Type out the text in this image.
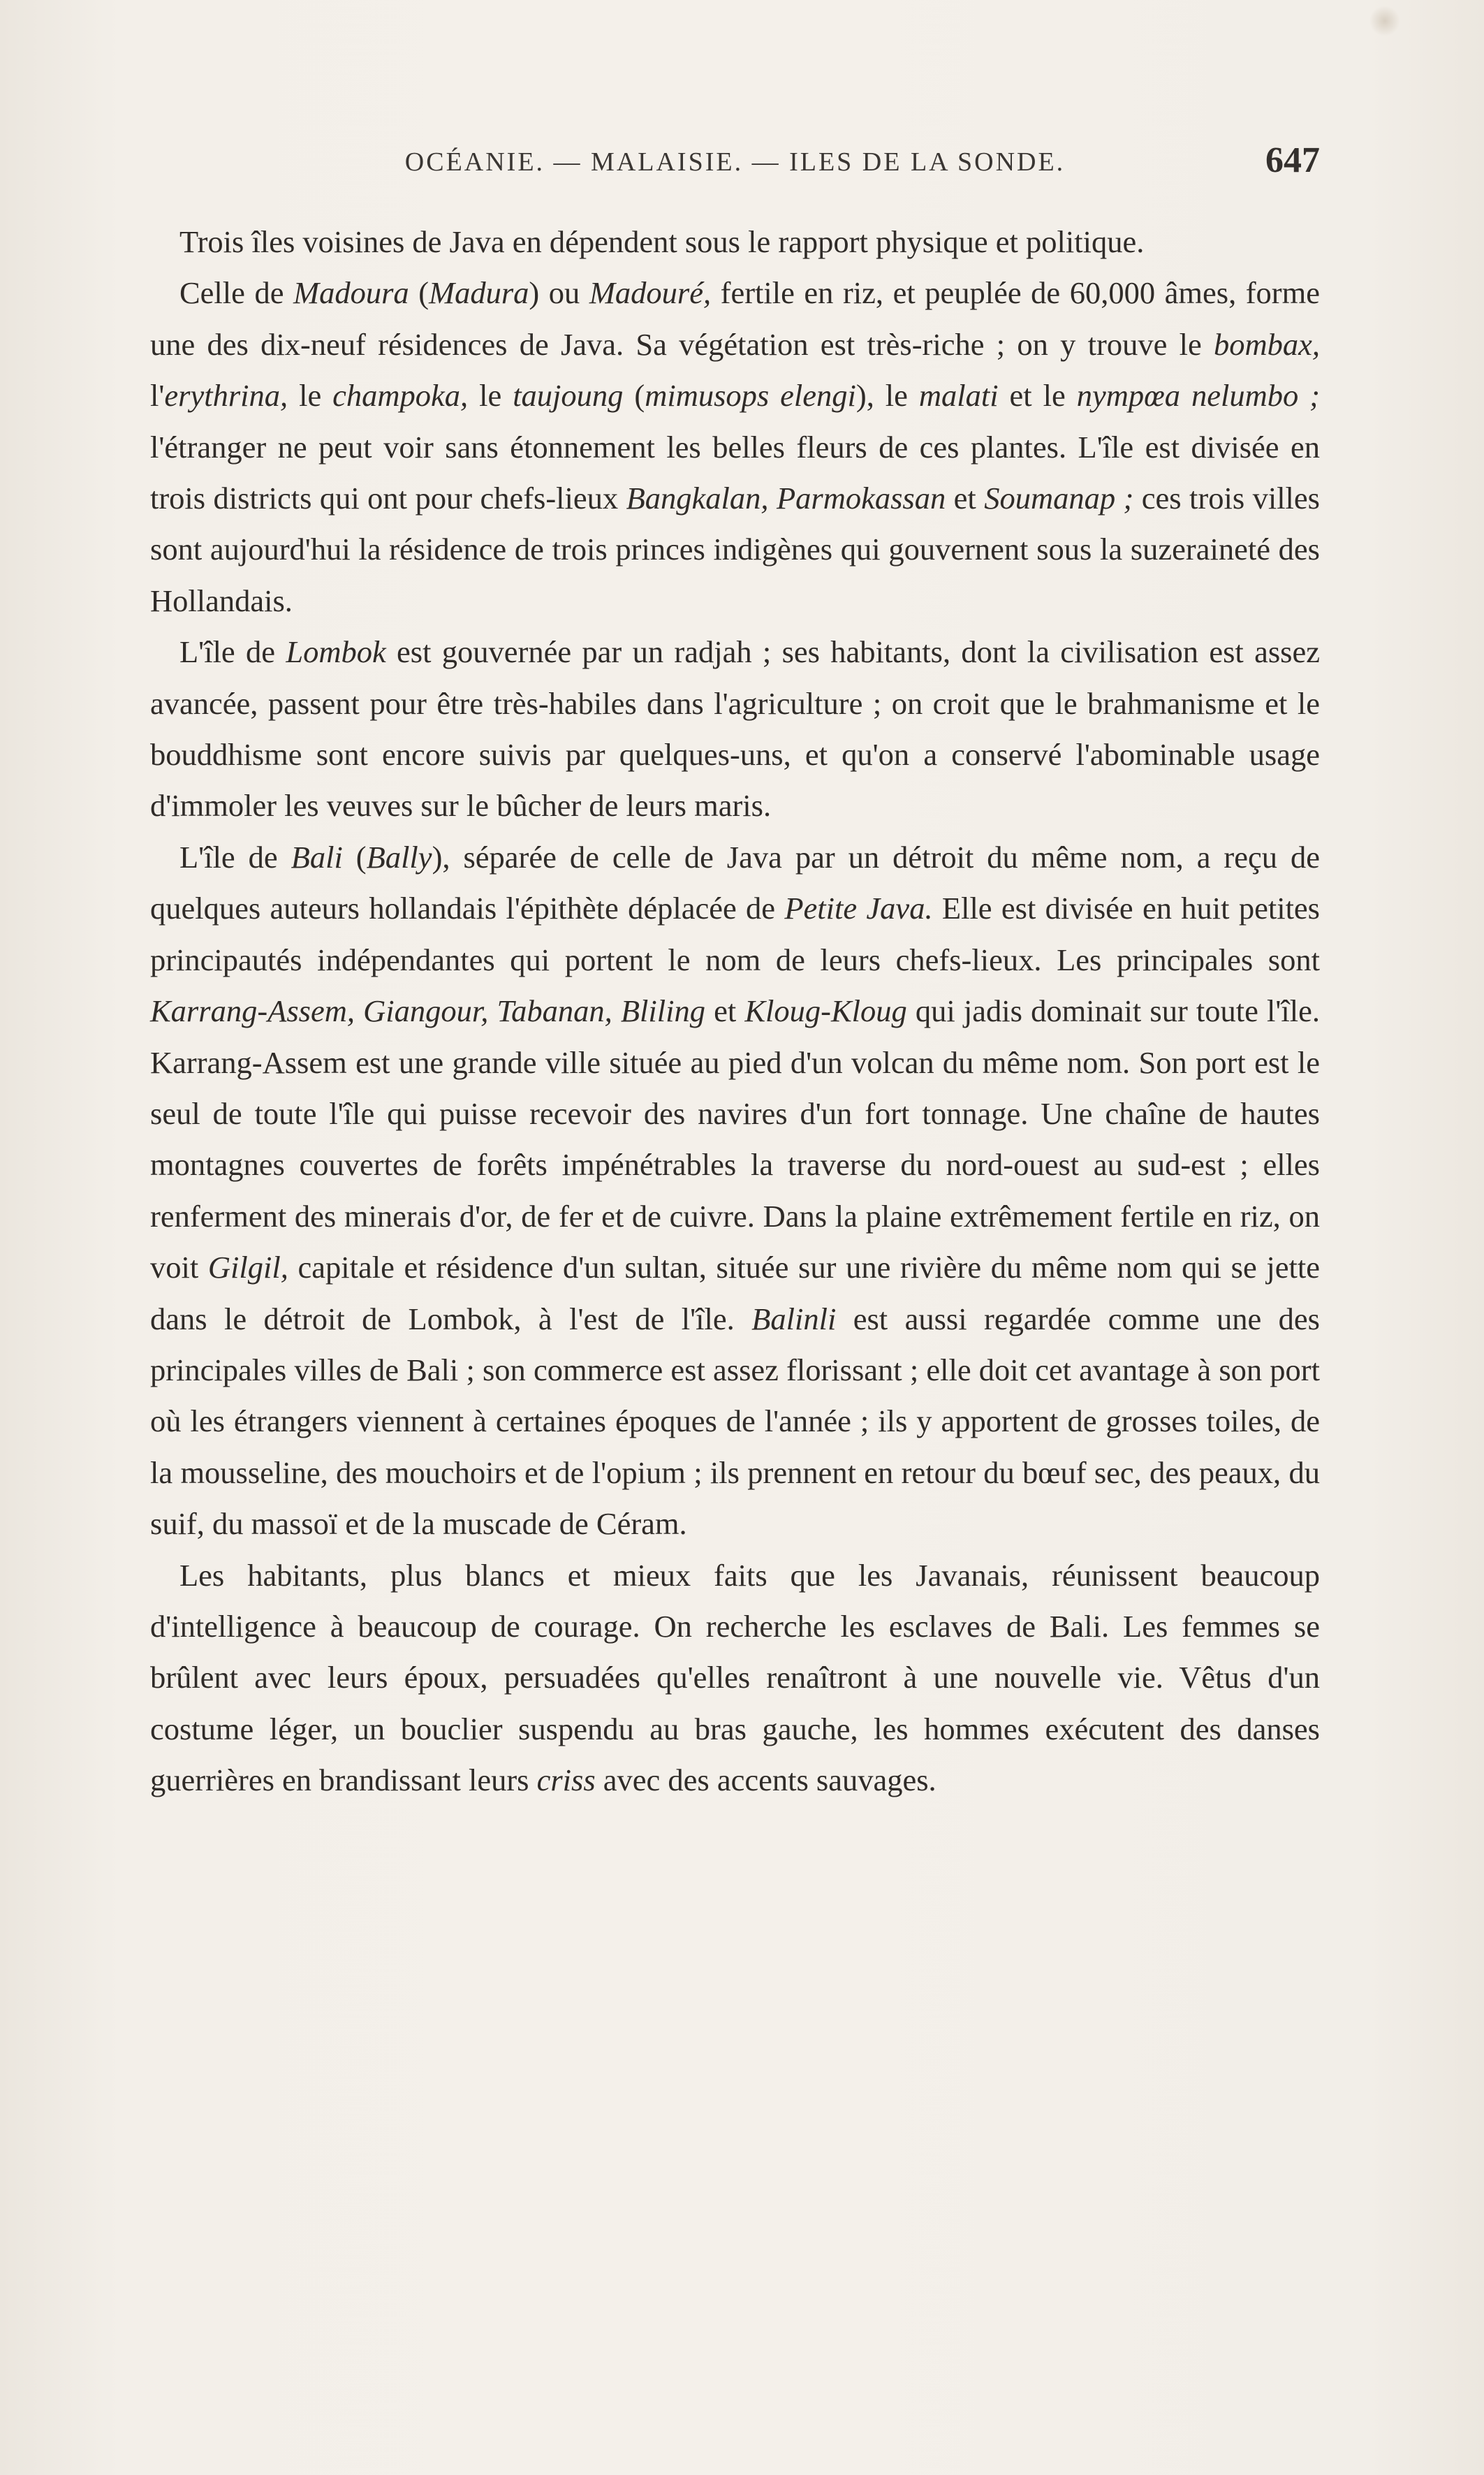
OCÉANIE. — MALAISIE. — ILES DE LA SONDE.	647

Trois îles voisines de Java en dépendent sous le rapport physique et politique.

Celle de Madoura (Madura) ou Madouré, fertile en riz, et peuplée de 60,000 âmes, forme une des dix-neuf résidences de Java. Sa végétation est très-riche ; on y trouve le bombax, l'erythrina, le champoka, le taujoung (mimusops elengi), le malati et le nympœa nelumbo ; l'étranger ne peut voir sans étonnement les belles fleurs de ces plantes. L'île est divisée en trois districts qui ont pour chefs-lieux Bangkalan, Parmokassan et Soumanap ; ces trois villes sont aujourd'hui la résidence de trois princes indigènes qui gouvernent sous la suzeraineté des Hollandais.

L'île de Lombok est gouvernée par un radjah ; ses habitants, dont la civilisation est assez avancée, passent pour être très-habiles dans l'agriculture ; on croit que le brahmanisme et le bouddhisme sont encore suivis par quelques-uns, et qu'on a conservé l'abominable usage d'immoler les veuves sur le bûcher de leurs maris.

L'île de Bali (Bally), séparée de celle de Java par un détroit du même nom, a reçu de quelques auteurs hollandais l'épithète déplacée de Petite Java. Elle est divisée en huit petites principautés indépendantes qui portent le nom de leurs chefs-lieux. Les principales sont Karrang-Assem, Giangour, Tabanan, Bliling et Kloug-Kloug qui jadis dominait sur toute l'île. Karrang-Assem est une grande ville située au pied d'un volcan du même nom. Son port est le seul de toute l'île qui puisse recevoir des navires d'un fort tonnage. Une chaîne de hautes montagnes couvertes de forêts impénétrables la traverse du nord-ouest au sud-est ; elles renferment des minerais d'or, de fer et de cuivre. Dans la plaine extrêmement fertile en riz, on voit Gilgil, capitale et résidence d'un sultan, située sur une rivière du même nom qui se jette dans le détroit de Lombok, à l'est de l'île. Balinli est aussi regardée comme une des principales villes de Bali ; son commerce est assez florissant ; elle doit cet avantage à son port où les étrangers viennent à certaines époques de l'année ; ils y apportent de grosses toiles, de la mousseline, des mouchoirs et de l'opium ; ils prennent en retour du bœuf sec, des peaux, du suif, du massoï et de la muscade de Céram.

Les habitants, plus blancs et mieux faits que les Javanais, réunissent beaucoup d'intelligence à beaucoup de courage. On recherche les esclaves de Bali. Les femmes se brûlent avec leurs époux, persuadées qu'elles renaîtront à une nouvelle vie. Vêtus d'un costume léger, un bouclier suspendu au bras gauche, les hommes exécutent des danses guerrières en brandissant leurs criss avec des accents sauvages.
